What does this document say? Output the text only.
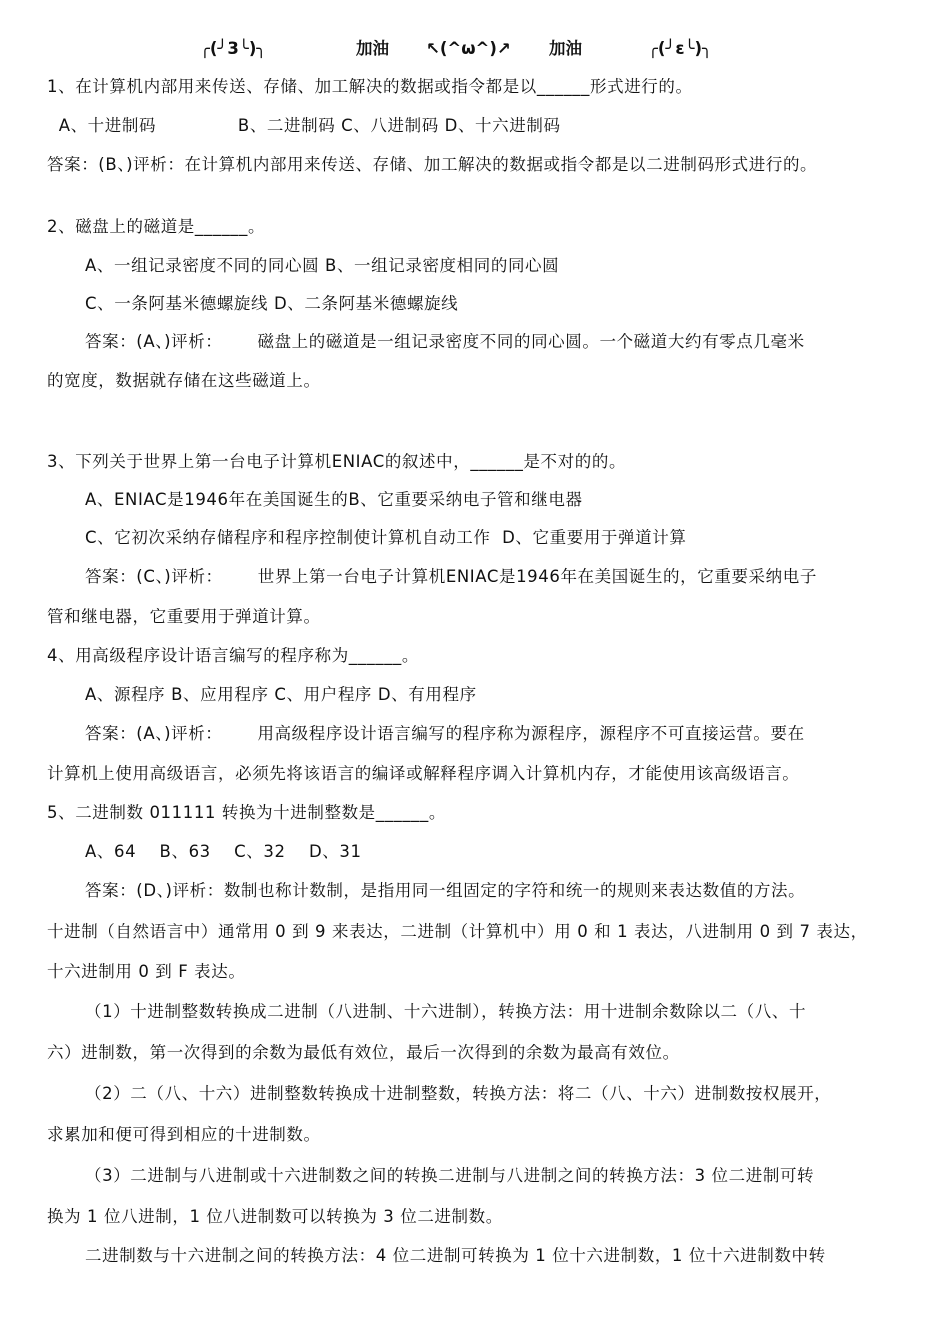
╭(╯3╰)╮	加油 ↖(^ω^)↗ 加油	╭(╯ε╰)╮
1、在计算机内部用来传送、存储、加工解决的数据或指令都是以______形式进行的。
A、十进制码              B、二进制码 C、八进制码 D、十六进制码
答案：(B、)评析：在计算机内部用来传送、存储、加工解决的数据或指令都是以二进制码形式进行的。
2、磁盘上的磁道是______。
A、一组记录密度不同的同心圆 B、一组记录密度相同的同心圆
C、一条阿基米德螺旋线 D、二条阿基米德螺旋线
答案：(A、)评析：      磁盘上的磁道是一组记录密度不同的同心圆。一个磁道大约有零点几毫米
的宽度，数据就存储在这些磁道上。
3、下列关于世界上第一台电子计算机ENIAC的叙述中，______是不对的的。
A、ENIAC是1946年在美国诞生的B、它重要采纳电子管和继电器
C、它初次采纳存储程序和程序控制使计算机自动工作  D、它重要用于弹道计算
答案：(C、)评析：      世界上第一台电子计算机ENIAC是1946年在美国诞生的，它重要采纳电子
管和继电器，它重要用于弹道计算。
4、用高级程序设计语言编写的程序称为______。
A、源程序 B、应用程序 C、用户程序 D、有用程序
答案：(A、)评析：      用高级程序设计语言编写的程序称为源程序，源程序不可直接运营。要在
计算机上使用高级语言，必须先将该语言的编译或解释程序调入计算机内存，才能使用该高级语言。
5、二进制数 011111 转换为十进制整数是______。
A、64    B、63    C、32    D、31
答案：(D、)评析：数制也称计数制，是指用同一组固定的字符和统一的规则来表达数值的方法。
十进制（自然语言中）通常用 0 到 9 来表达，二进制（计算机中）用 0 和 1 表达，八进制用 0 到 7 表达，
十六进制用 0 到 F 表达。
（1）十进制整数转换成二进制（八进制、十六进制），转换方法：用十进制余数除以二（八、十
六）进制数，第一次得到的余数为最低有效位，最后一次得到的余数为最高有效位。
（2）二（八、十六）进制整数转换成十进制整数，转换方法：将二（八、十六）进制数按权展开，
求累加和便可得到相应的十进制数。
（3）二进制与八进制或十六进制数之间的转换二进制与八进制之间的转换方法：3 位二进制可转
换为 1 位八进制，1 位八进制数可以转换为 3 位二进制数。
二进制数与十六进制之间的转换方法：4 位二进制可转换为 1 位十六进制数，1 位十六进制数中转
